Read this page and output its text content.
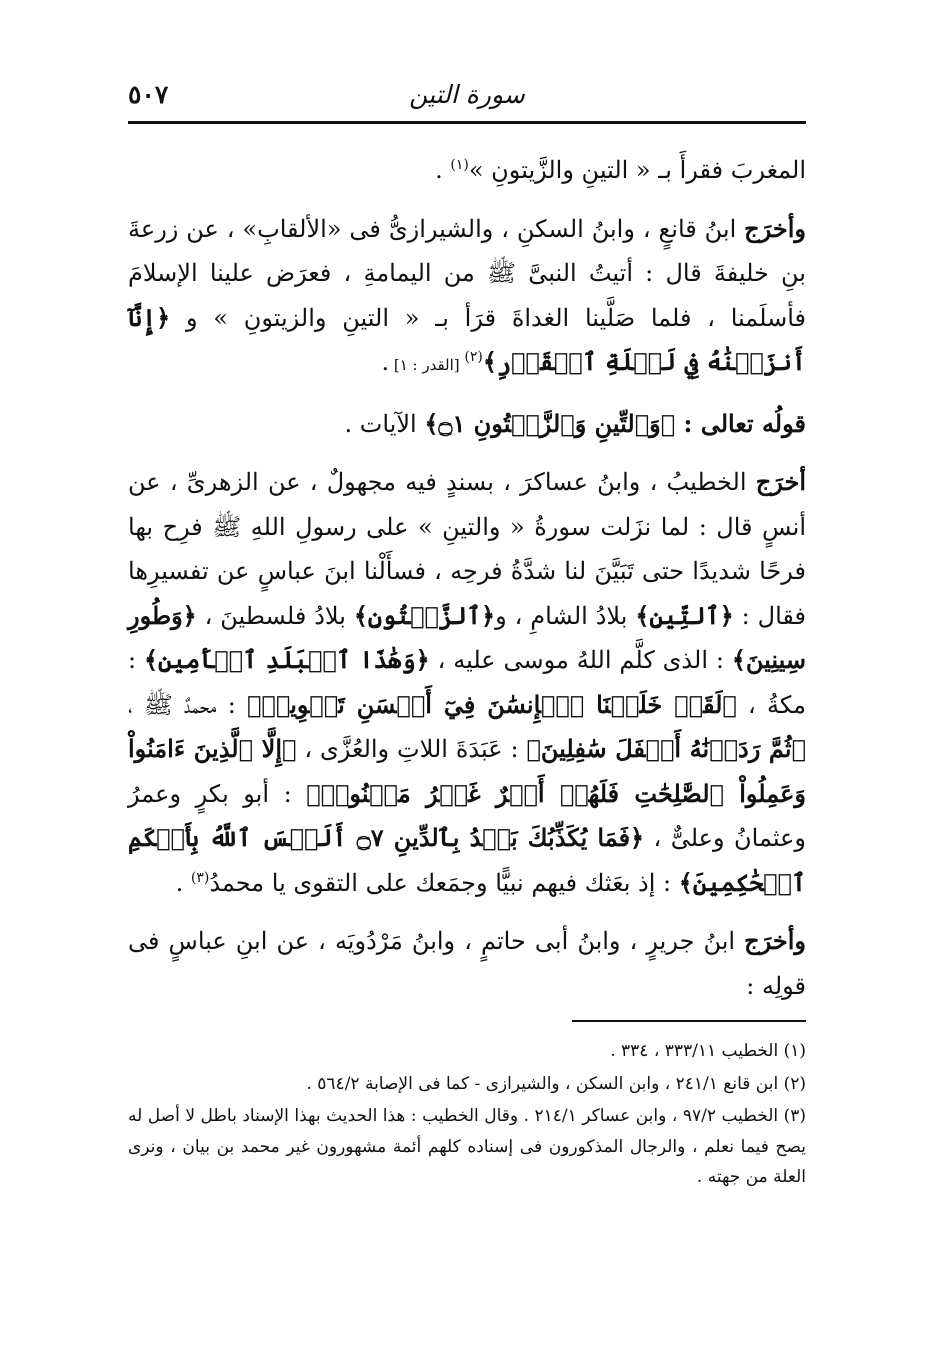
سورة التين
٥٠٧

المغربَ فقرأَ بـ « التينِ والزَّيتونِ »$^{(١)}$ .

وأخرَج ابنُ قانعٍ ، وابنُ السكنِ ، والشيرازىُّ فى «الألقابِ» ، عن زرعةَ بنِ خليفةَ قال : أتيتُ النبىَّ ﷺ من اليمامةِ ، فعرَض علينا الإسلامَ فأسلَمنا ، فلما صَلَّينا الغداةَ قرَأ بـ « التينِ والزيتونِ » و ﴿إِنَّآ أَنزَلۡنَٰهُ فِي لَيۡلَةِ ٱلۡقَدۡرِ﴾$^{(٢)}$ [القدر : ١] .

قولُه تعالى : ﴿وَٱلتِّينِ وَٱلزَّيۡتُونِ ۝١﴾ الآيات .

أخرَج الخطيبُ ، وابنُ عساكرَ ، بسندٍ فيه مجهولٌ ، عن الزهرىِّ ، عن أنسٍ قال : لما نزَلت سورةُ « والتينِ » على رسولِ اللهِ ﷺ فرِح بها فرحًا شديدًا حتى تَبَيَّنَ لنا شدَّةُ فرحِه ، فسأَلْنا ابنَ عباسٍ عن تفسيرِها فقال : ﴿ٱلتِّينِ﴾ بلادُ الشامِ ، و﴿ٱلزَّيۡتُونِ﴾ بلادُ فلسطينَ ، ﴿وَطُورِ سِينِينَ﴾ : الذى كلَّم اللهُ موسى عليه ، ﴿وَهَٰذَا ٱلۡبَلَدِ ٱلۡأَمِينِ﴾ : مكةُ ، ﴿لَقَدۡ خَلَقۡنَا ٱلۡإِنسَٰنَ فِيٓ أَحۡسَنِ تَقۡوِيمٖ﴾ : محمدٌ ﷺ ، ﴿ثُمَّ رَدَدۡنَٰهُ أَسۡفَلَ سَٰفِلِينَ﴾ : عَبَدَةَ اللاتِ والعُزَّى ، ﴿إِلَّا ٱلَّذِينَ ءَامَنُواْ وَعَمِلُواْ ٱلصَّٰلِحَٰتِ فَلَهُمۡ أَجۡرٌ غَيۡرُ مَمۡنُونٖ﴾ : أبو بكرٍ وعمرُ وعثمانُ وعلىٌّ ، ﴿فَمَا يُكَذِّبُكَ بَعۡدُ بِٱلدِّينِ ۝٧ أَلَيۡسَ ٱللَّهُ بِأَحۡكَمِ ٱلۡحَٰكِمِينَ﴾ : إذ بعَثك فيهم نبيًّا وجمَعك على التقوى يا محمدُ$^{(٣)}$ .

وأخرَج ابنُ جريرٍ ، وابنُ أبى حاتمٍ ، وابنُ مَرْدُويَه ، عن ابنِ عباسٍ فى قولِه :

(١) الخطيب ٣٣٣/١١ ، ٣٣٤ .

(٢) ابن قانع ٢٤١/١ ، وابن السكن ، والشيرازى - كما فى الإصابة ٥٦٤/٢ .

(٣) الخطيب ٩٧/٢ ، وابن عساكر ٢١٤/١ . وقال الخطيب : هذا الحديث بهذا الإسناد باطل لا أصل له يصح فيما نعلم ، والرجال المذكورون فى إسناده كلهم أئمة مشهورون غير محمد بن بيان ، ونرى العلة من جهته .
